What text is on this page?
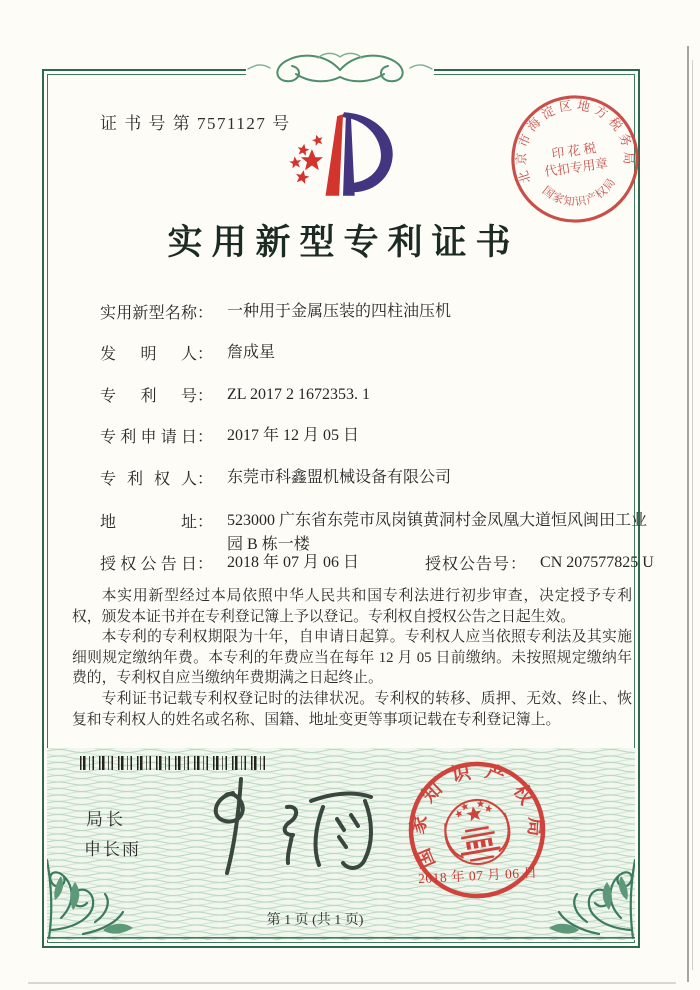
证 书 号 第 7571127 号
北京市海淀区地方税务局
国家知识产权局
印 花 税
代扣专用章
实用新型专利证书
实用新型名称 ： 一种用于金属压装的四柱油压机
发明人 ： 詹成星
专利号 ： ZL 2017 2 1672353. 1
专利申请日 ： 2017 年 12 月 05 日
专利权人 ： 东莞市科鑫盟机械设备有限公司
地址 ： 523000 广东省东莞市凤岗镇黄洞村金凤凰大道恒风闽田工业园 B 栋一楼
授权公告日 ： 2018 年 07 月 06 日	授权公告号 ： CN 207577825 U

本实用新型经过本局依照中华人民共和国专利法进行初步审查，决定授予专利权，颁发本证书并在专利登记簿上予以登记。专利权自授权公告之日起生效。

本专利的专利权期限为十年，自申请日起算。专利权人应当依照专利法及其实施细则规定缴纳年费。本专利的年费应当在每年 12 月 05 日前缴纳。未按照规定缴纳年费的，专利权自应当缴纳年费期满之日起终止。

专利证书记载专利权登记时的法律状况。专利权的转移、质押、无效、终止、恢复和专利权人的姓名或名称、国籍、地址变更等事项记载在专利登记簿上。

局长
申长雨	国家知识产权局
2018 年 07 月 06 日
第 1 页 (共 1 页)
